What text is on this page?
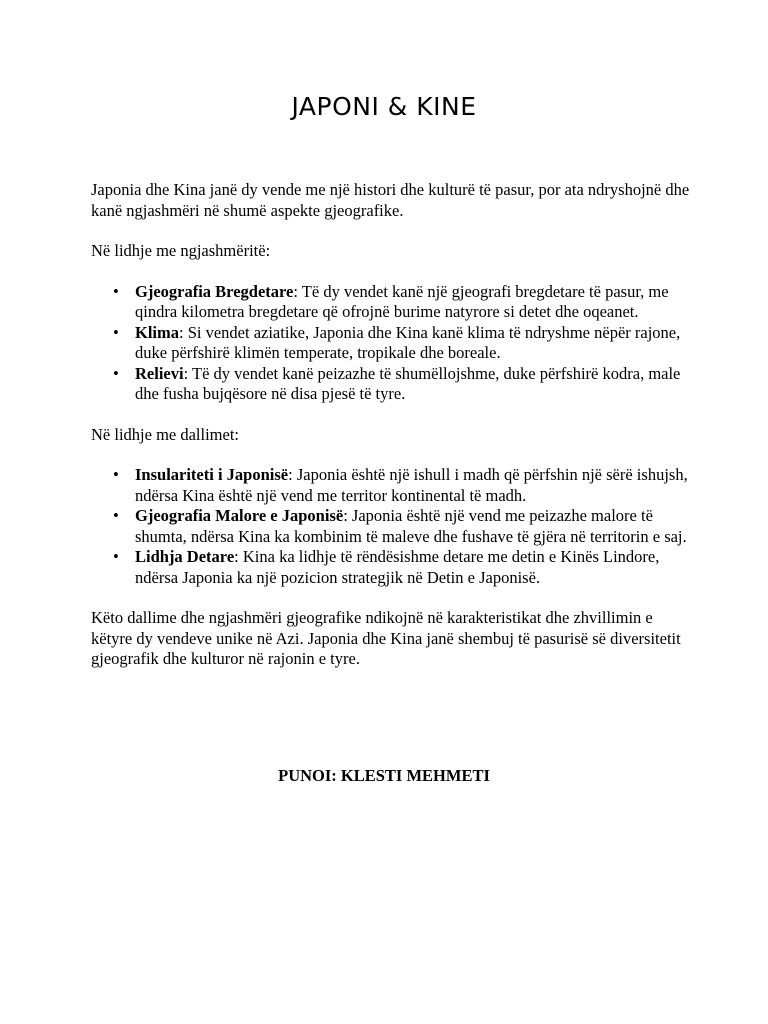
JAPONI & KINE

Japonia dhe Kina janë dy vende me një histori dhe kulturë të pasur, por ata ndryshojnë dhe kanë ngjashmëri në shumë aspekte gjeografike.

Në lidhje me ngjashmëritë:

• Gjeografia Bregdetare: Të dy vendet kanë një gjeografi bregdetare të pasur, me qindra kilometra bregdetare që ofrojnë burime natyrore si detet dhe oqeanet.
• Klima: Si vendet aziatike, Japonia dhe Kina kanë klima të ndryshme nëpër rajone, duke përfshirë klimën temperate, tropikale dhe boreale.
• Relievi: Të dy vendet kanë peizazhe të shumëllojshme, duke përfshirë kodra, male dhe fusha bujqësore në disa pjesë të tyre.

Në lidhje me dallimet:

• Insulariteti i Japonisë: Japonia është një ishull i madh që përfshin një sërë ishujsh, ndërsa Kina është një vend me territor kontinental të madh.
• Gjeografia Malore e Japonisë: Japonia është një vend me peizazhe malore të shumta, ndërsa Kina ka kombinim të maleve dhe fushave të gjëra në territorin e saj.
• Lidhja Detare: Kina ka lidhje të rëndësishme detare me detin e Kinës Lindore, ndërsa Japonia ka një pozicion strategjik në Detin e Japonisë.

Këto dallime dhe ngjashmëri gjeografike ndikojnë në karakteristikat dhe zhvillimin e këtyre dy vendeve unike në Azi. Japonia dhe Kina janë shembuj të pasurisë së diversitetit gjeografik dhe kulturor në rajonin e tyre.

PUNOI: KLESTI MEHMETI
